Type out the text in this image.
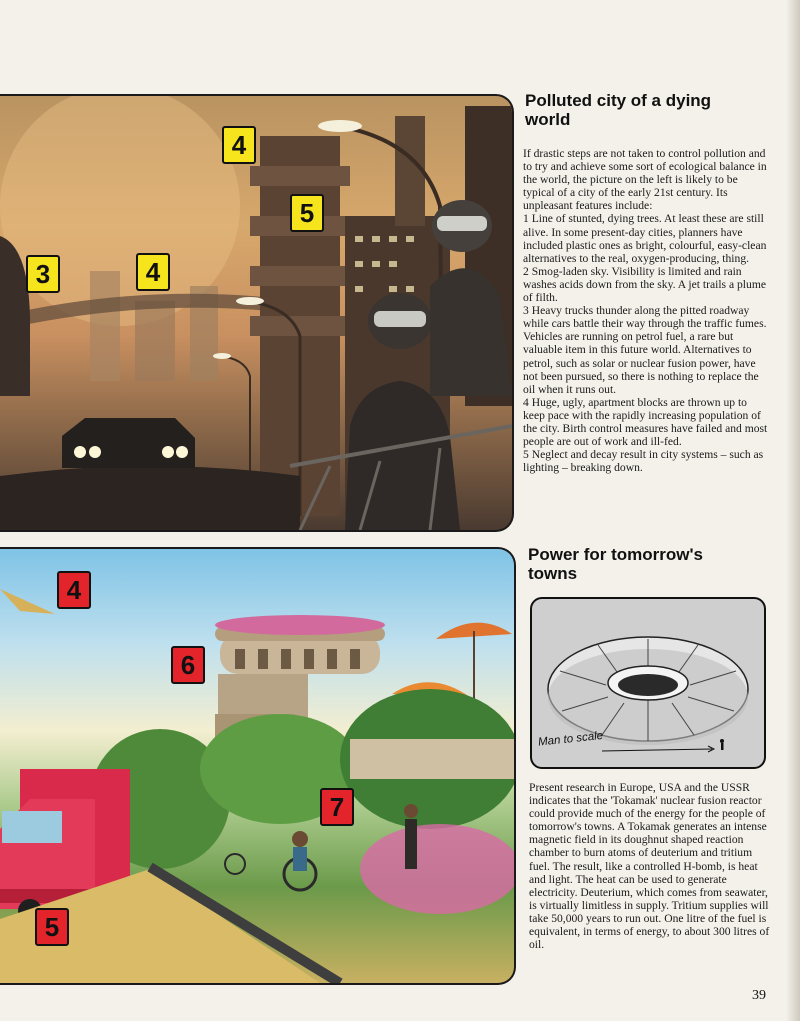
4
5
3	4
4
6
7
5
Polluted city of a dying world

If drastic steps are not taken to control pollution and to try and achieve some sort of ecological balance in the world, the picture on the left is likely to be typical of a city of the early 21st century. Its unpleasant features include:

1 Line of stunted, dying trees. At least these are still alive. In some present-day cities, planners have included plastic ones as bright, colourful, easy-clean alternatives to the real, oxygen-producing, thing.

2 Smog-laden sky. Visibility is limited and rain washes acids down from the sky. A jet trails a plume of filth.

3 Heavy trucks thunder along the pitted roadway while cars battle their way through the traffic fumes. Vehicles are running on petrol fuel, a rare but valuable item in this future world. Alternatives to petrol, such as solar or nuclear fusion power, have not been pursued, so there is nothing to replace the oil when it runs out.

4 Huge, ugly, apartment blocks are thrown up to keep pace with the rapidly increasing population of the city. Birth control measures have failed and most people are out of work and ill-fed.

5 Neglect and decay result in city systems – such as lighting – breaking down.

Power for tomorrow's towns
Man to scale

Present research in Europe, USA and the USSR indicates that the 'Tokamak' nuclear fusion reactor could provide much of the energy for the people of tomorrow's towns. A Tokamak generates an intense magnetic field in its doughnut shaped reaction chamber to burn atoms of deuterium and tritium fuel. The result, like a controlled H-bomb, is heat and light. The heat can be used to generate electricity. Deuterium, which comes from seawater, is virtually limitless in supply. Tritium supplies will take 50,000 years to run out. One litre of the fuel is equivalent, in terms of energy, to about 300 litres of oil.

39
